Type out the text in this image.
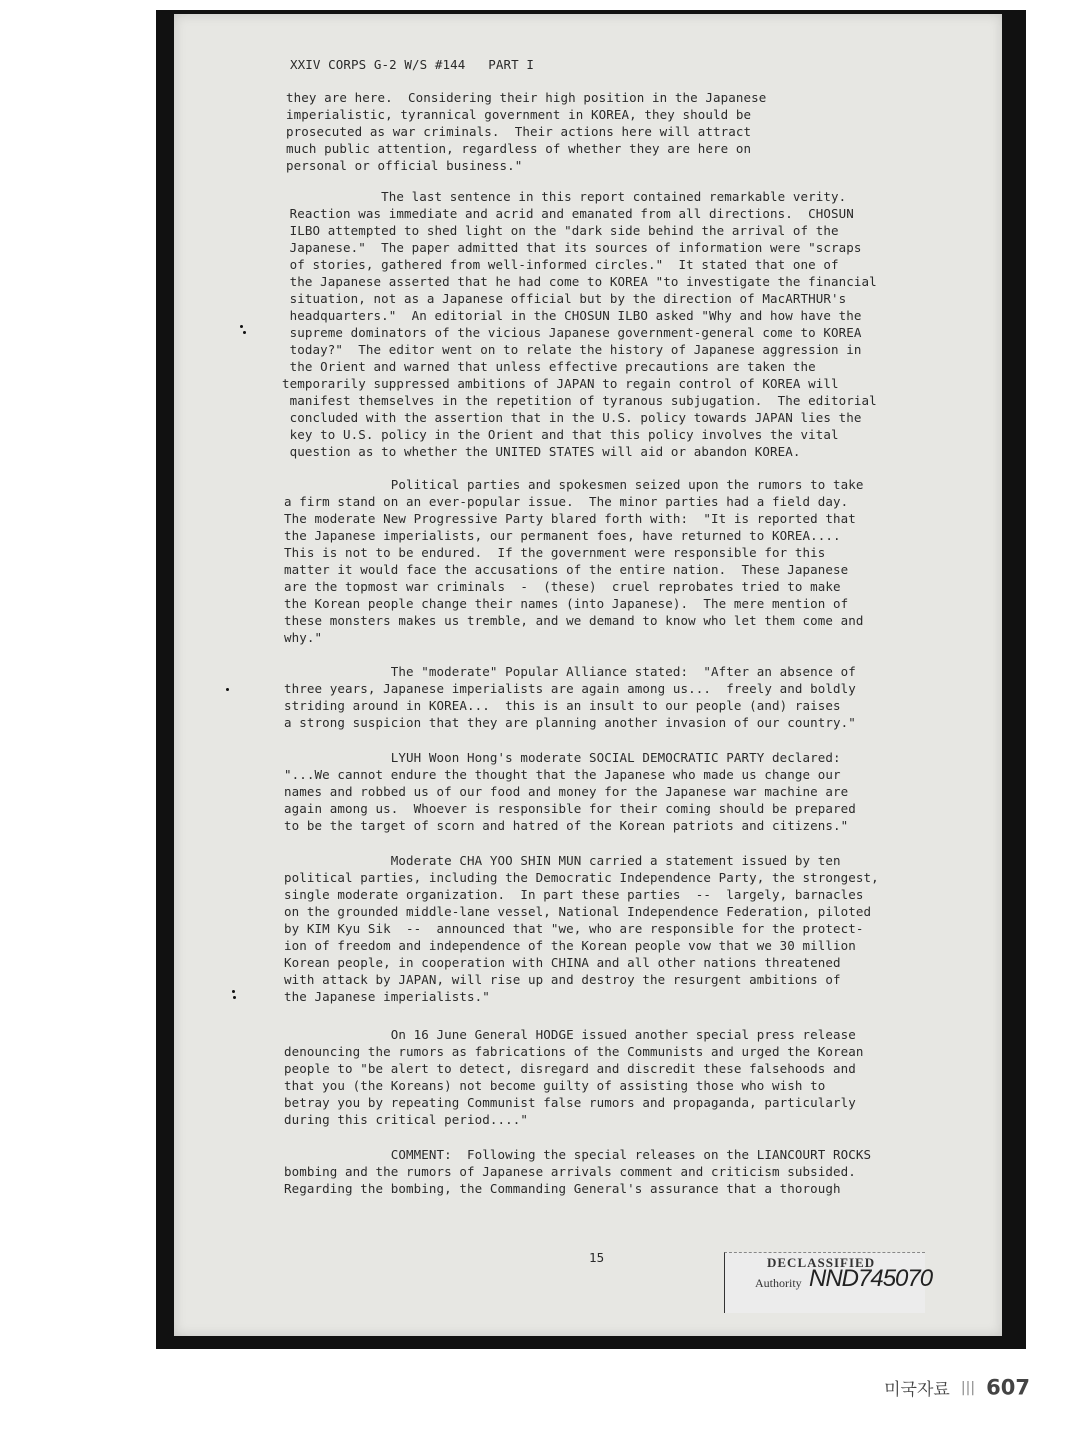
XXIV CORPS G-2 W/S #144   PART I
they are here.  Considering their high position in the Japanese
imperialistic, tyrannical government in KOREA, they should be
prosecuted as war criminals.  Their actions here will attract
much public attention, regardless of whether they are here on
personal or official business."
The last sentence in this report contained remarkable verity.
Reaction was immediate and acrid and emanated from all directions.  CHOSUN
ILBO attempted to shed light on the "dark side behind the arrival of the
Japanese."  The paper admitted that its sources of information were "scraps
of stories, gathered from well-informed circles."  It stated that one of
the Japanese asserted that he had come to KOREA "to investigate the financial
situation, not as a Japanese official but by the direction of MacARTHUR's
headquarters."  An editorial in the CHOSUN ILBO asked "Why and how have the
supreme dominators of the vicious Japanese government-general come to KOREA
today?"  The editor went on to relate the history of Japanese aggression in
the Orient and warned that unless effective precautions are taken the
temporarily suppressed ambitions of JAPAN to regain control of KOREA will
manifest themselves in the repetition of tyranous subjugation.  The editorial
concluded with the assertion that in the U.S. policy towards JAPAN lies the
key to U.S. policy in the Orient and that this policy involves the vital
question as to whether the UNITED STATES will aid or abandon KOREA.
Political parties and spokesmen seized upon the rumors to take
a firm stand on an ever-popular issue.  The minor parties had a field day.
The moderate New Progressive Party blared forth with:  "It is reported that
the Japanese imperialists, our permanent foes, have returned to KOREA....
This is not to be endured.  If the government were responsible for this
matter it would face the accusations of the entire nation.  These Japanese
are the topmost war criminals  -  (these)  cruel reprobates tried to make
the Korean people change their names (into Japanese).  The mere mention of
these monsters makes us tremble, and we demand to know who let them come and
why."
The "moderate" Popular Alliance stated:  "After an absence of
three years, Japanese imperialists are again among us...  freely and boldly
striding around in KOREA...  this is an insult to our people (and) raises
a strong suspicion that they are planning another invasion of our country."
LYUH Woon Hong's moderate SOCIAL DEMOCRATIC PARTY declared:
"...We cannot endure the thought that the Japanese who made us change our
names and robbed us of our food and money for the Japanese war machine are
again among us.  Whoever is responsible for their coming should be prepared
to be the target of scorn and hatred of the Korean patriots and citizens."
Moderate CHA YOO SHIN MUN carried a statement issued by ten
political parties, including the Democratic Independence Party, the strongest,
single moderate organization.  In part these parties  --  largely, barnacles
on the grounded middle-lane vessel, National Independence Federation, piloted
by KIM Kyu Sik  --  announced that "we, who are responsible for the protect-
ion of freedom and independence of the Korean people vow that we 30 million
Korean people, in cooperation with CHINA and all other nations threatened
with attack by JAPAN, will rise up and destroy the resurgent ambitions of
the Japanese imperialists."
On 16 June General HODGE issued another special press release
denouncing the rumors as fabrications of the Communists and urged the Korean
people to "be alert to detect, disregard and discredit these falsehoods and
that you (the Koreans) not become guilty of assisting those who wish to
betray you by repeating Communist false rumors and propaganda, particularly
during this critical period...."
COMMENT:  Following the special releases on the LIANCOURT ROCKS
bombing and the rumors of Japanese arrivals comment and criticism subsided.
Regarding the bombing, the Commanding General's assurance that a thorough
15	DECLASSIFIED
Authority NND745070
미국자료 ||| 607
